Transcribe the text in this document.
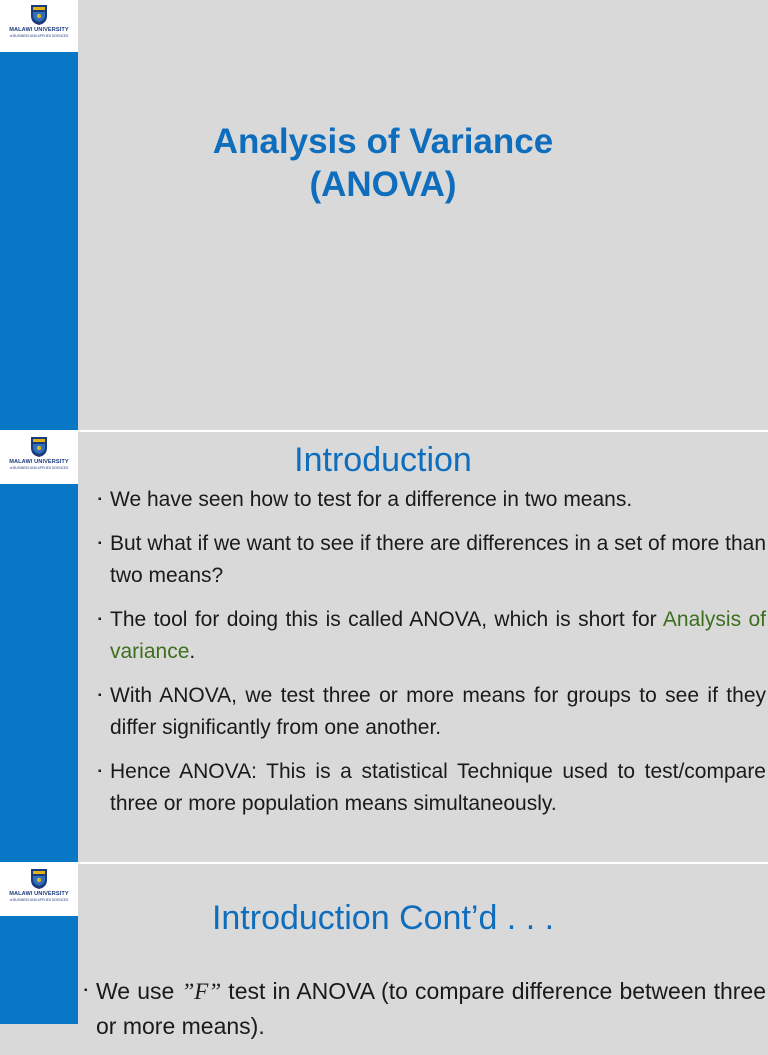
MALAWI UNIVERSITY
of BUSINESS AND APPLIED SCIENCES
Analysis of Variance
(ANOVA)
MALAWI UNIVERSITY
of BUSINESS AND APPLIED SCIENCES	Introduction
▪ We have seen how to test for a difference in two means.
▪ But what if we want to see if there are differences in a set of more than two means?
▪ The tool for doing this is called ANOVA, which is short for Analysis of variance.
▪ With ANOVA, we test three or more means for groups to see if they differ significantly from one another.
▪ Hence ANOVA: This is a statistical Technique used to test/compare three or more population means simultaneously.
MALAWI UNIVERSITY
of BUSINESS AND APPLIED SCIENCES	Introduction Cont’d . . .
▪ We use ”F” test in ANOVA (to compare difference between three or more means).
